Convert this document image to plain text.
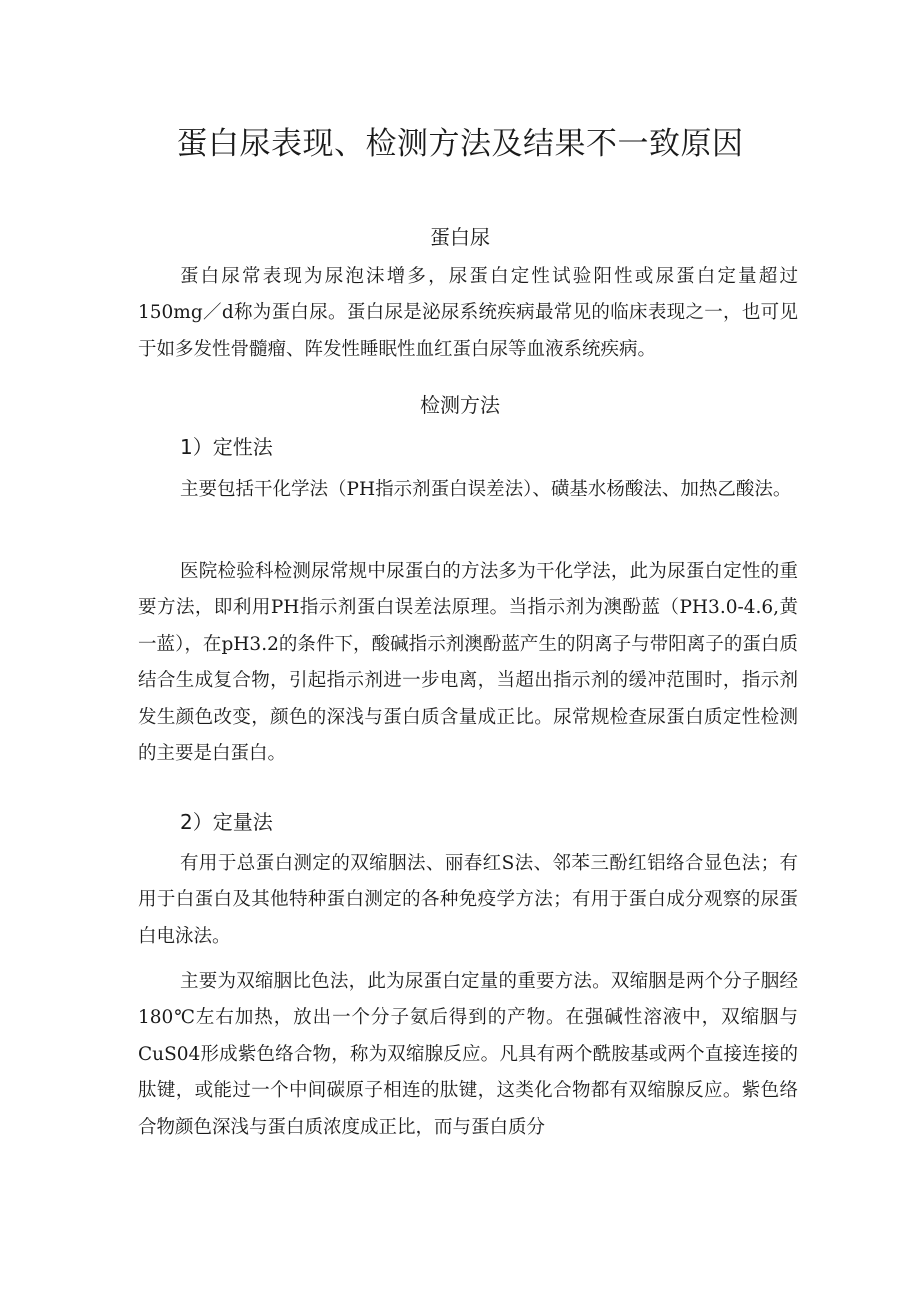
蛋白尿表现、检测方法及结果不一致原因
蛋白尿

蛋白尿常表现为尿泡沫增多，尿蛋白定性试验阳性或尿蛋白定量超过150mg／d称为蛋白尿。蛋白尿是泌尿系统疾病最常见的临床表现之一，也可见于如多发性骨髓瘤、阵发性睡眠性血红蛋白尿等血液系统疾病。

检测方法
1）定性法

主要包括干化学法（PH指示剂蛋白误差法）、磺基水杨酸法、加热乙酸法。

医院检验科检测尿常规中尿蛋白的方法多为干化学法，此为尿蛋白定性的重要方法，即利用PH指示剂蛋白误差法原理。当指示剂为澳酚蓝（PH3.0-4.6,黄一蓝），在pH3.2的条件下，酸碱指示剂澳酚蓝产生的阴离子与带阳离子的蛋白质结合生成复合物，引起指示剂进一步电离，当超出指示剂的缓冲范围时，指示剂发生颜色改变，颜色的深浅与蛋白质含量成正比。尿常规检查尿蛋白质定性检测的主要是白蛋白。

2）定量法

有用于总蛋白测定的双缩胭法、丽春红S法、邻苯三酚红铝络合显色法；有用于白蛋白及其他特种蛋白测定的各种免疫学方法；有用于蛋白成分观察的尿蛋白电泳法。

主要为双缩胭比色法，此为尿蛋白定量的重要方法。双缩胭是两个分子胭经180℃左右加热，放出一个分子氨后得到的产物。在强碱性溶液中，双缩胭与CuS04形成紫色络合物，称为双缩腺反应。凡具有两个酰胺基或两个直接连接的肽键，或能过一个中间碳原子相连的肽键，这类化合物都有双缩腺反应。紫色络合物颜色深浅与蛋白质浓度成正比，而与蛋白质分
